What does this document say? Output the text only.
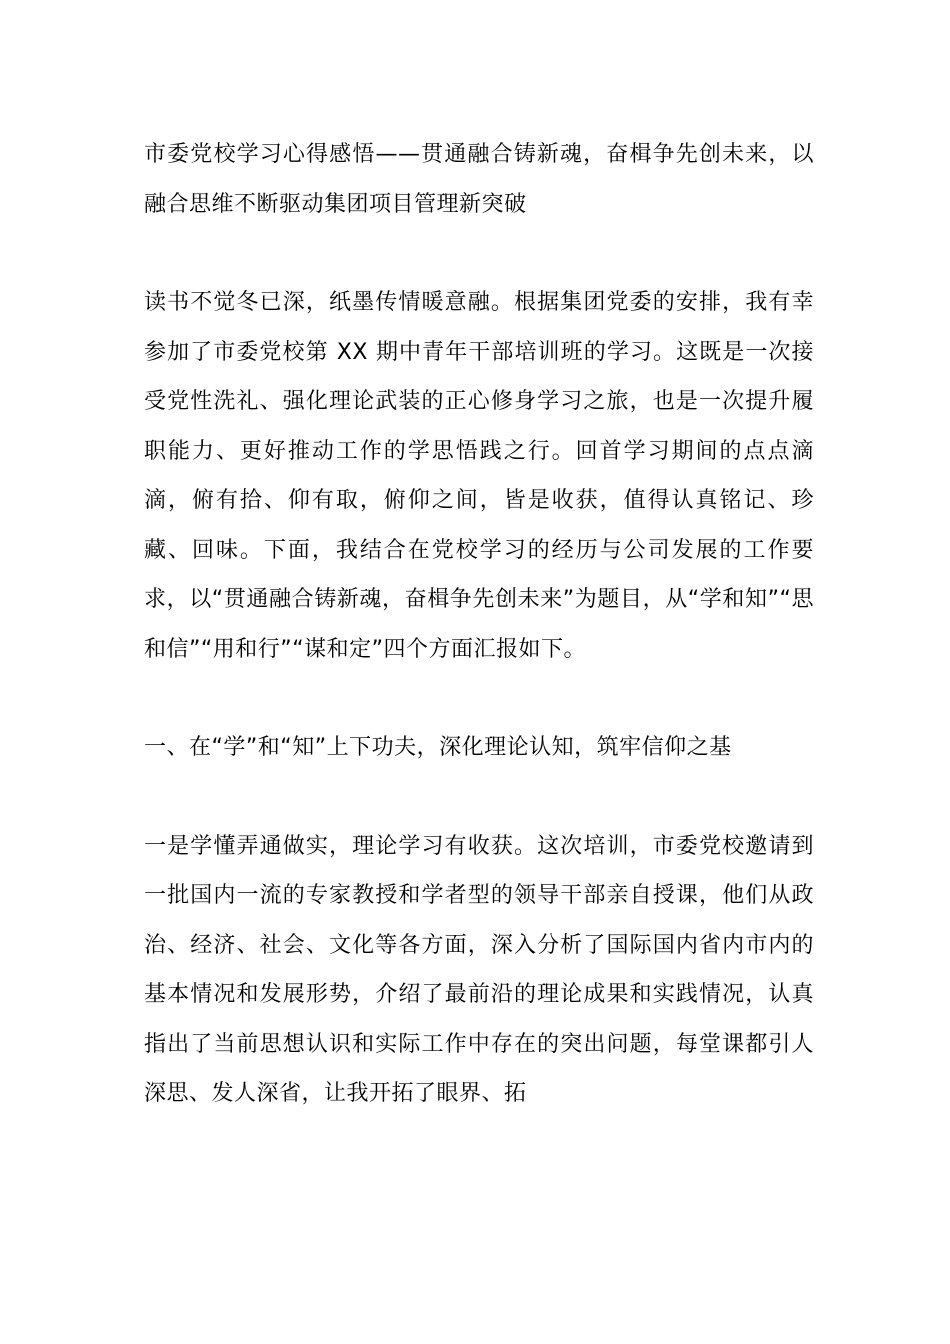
市委党校学习心得感悟——贯通融合铸新魂，奋楫争先创未来，以融合思维不断驱动集团项目管理新突破

读书不觉冬已深，纸墨传情暖意融。根据集团党委的安排，我有幸参加了市委党校第 XX 期中青年干部培训班的学习。这既是一次接受党性洗礼、强化理论武装的正心修身学习之旅，也是一次提升履职能力、更好推动工作的学思悟践之行。回首学习期间的点点滴滴，俯有拾、仰有取，俯仰之间，皆是收获，值得认真铭记、珍藏、回味。下面，我结合在党校学习的经历与公司发展的工作要求，以“贯通融合铸新魂，奋楫争先创未来”为题目，从“学和知”“思和信”“用和行”“谋和定”四个方面汇报如下。

一、在“学”和“知”上下功夫，深化理论认知，筑牢信仰之基

一是学懂弄通做实，理论学习有收获。这次培训，市委党校邀请到一批国内一流的专家教授和学者型的领导干部亲自授课，他们从政治、经济、社会、文化等各方面，深入分析了国际国内省内市内的基本情况和发展形势，介绍了最前沿的理论成果和实践情况，认真指出了当前思想认识和实际工作中存在的突出问题，每堂课都引人深思、发人深省，让我开拓了眼界、拓
